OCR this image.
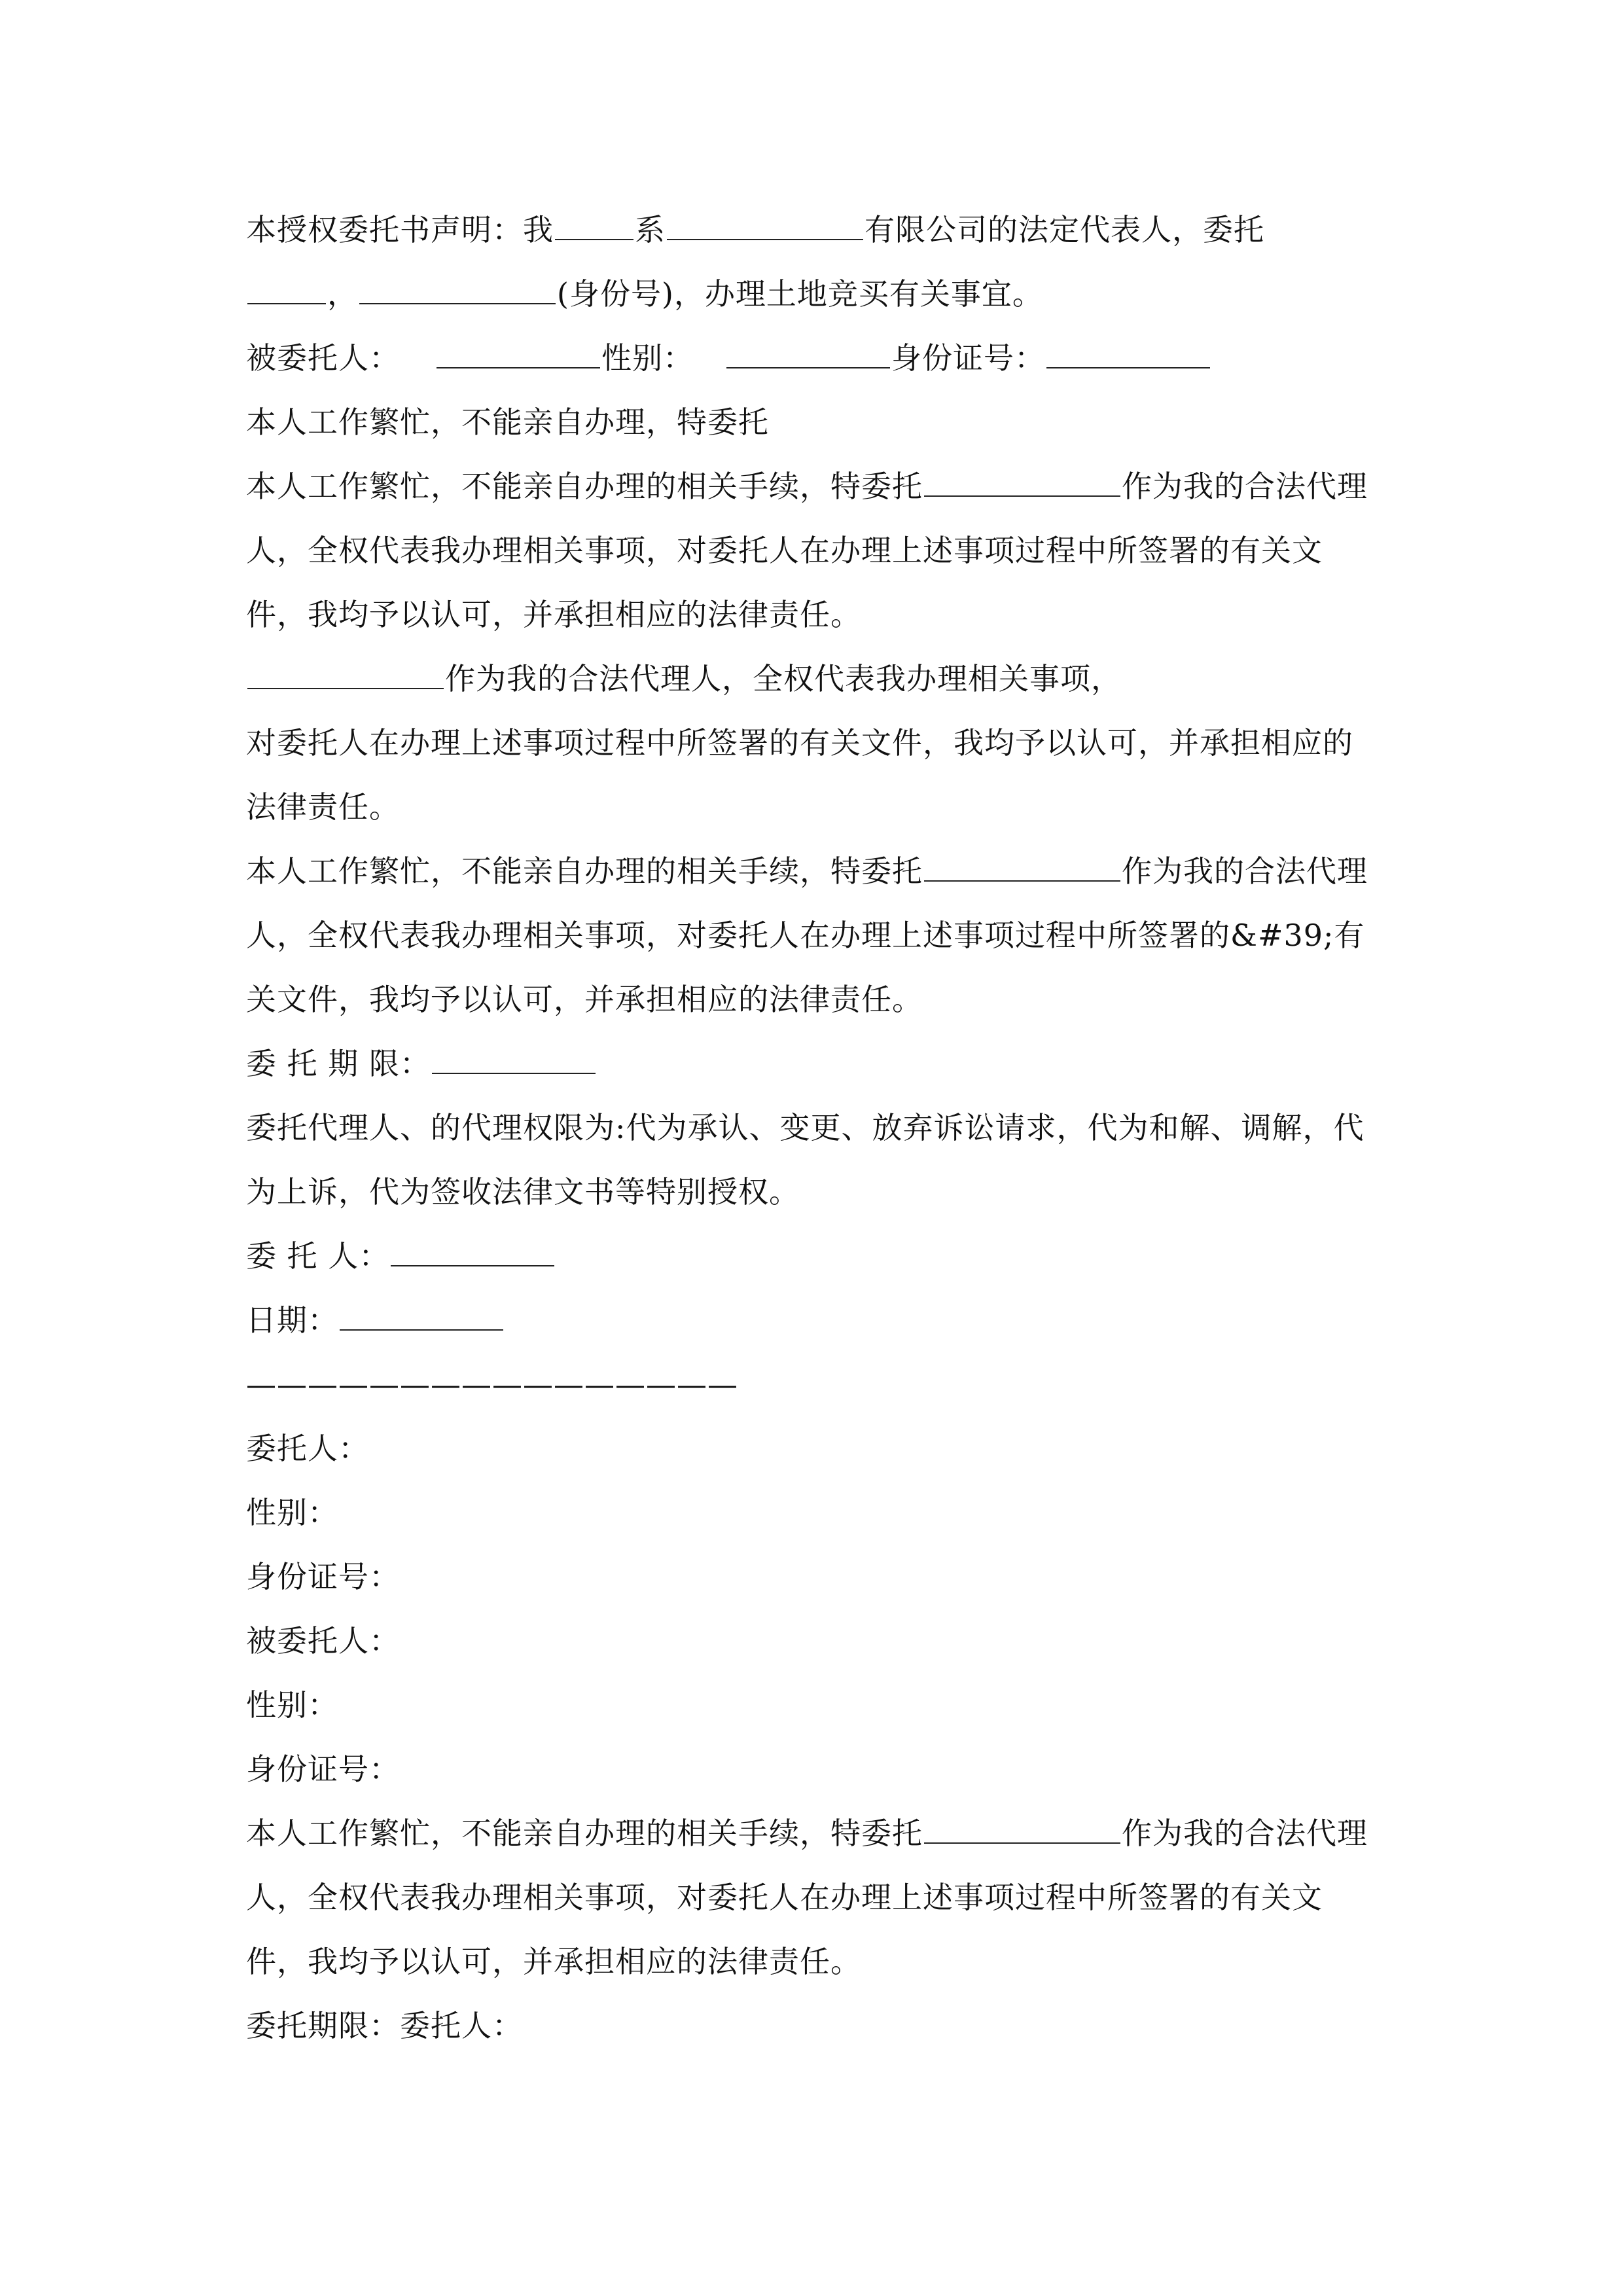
本授权委托书声明：我	系	有限公司的法定代表人，委托

，	(身份号)，办理土地竞买有关事宜。

被委托人：	性别：	身份证号：

本人工作繁忙，不能亲自办理，特委托

本人工作繁忙，不能亲自办理的相关手续，特委托	作为我的合法代理人，全权代表我办理相关事项，对委托人在办理上述事项过程中所签署的有关文件，我均予以认可，并承担相应的法律责任。

作为我的合法代理人，全权代表我办理相关事项，

对委托人在办理上述事项过程中所签署的有关文件，我均予以认可，并承担相应的法律责任。

本人工作繁忙，不能亲自办理的相关手续，特委托	作为我的合法代理人，全权代表我办理相关事项，对委托人在办理上述事项过程中所签署的&#39;有关文件，我均予以认可，并承担相应的法律责任。

委 托 期 限：

委托代理人、的代理权限为:代为承认、变更、放弃诉讼请求，代为和解、调解，代为上诉，代为签收法律文书等特别授权。

委 托 人：

日期：

————————————————

委托人：

性别：

身份证号：

被委托人：

性别：

身份证号：

本人工作繁忙，不能亲自办理的相关手续，特委托	作为我的合法代理人，全权代表我办理相关事项，对委托人在办理上述事项过程中所签署的有关文件，我均予以认可，并承担相应的法律责任。

委托期限：委托人：
